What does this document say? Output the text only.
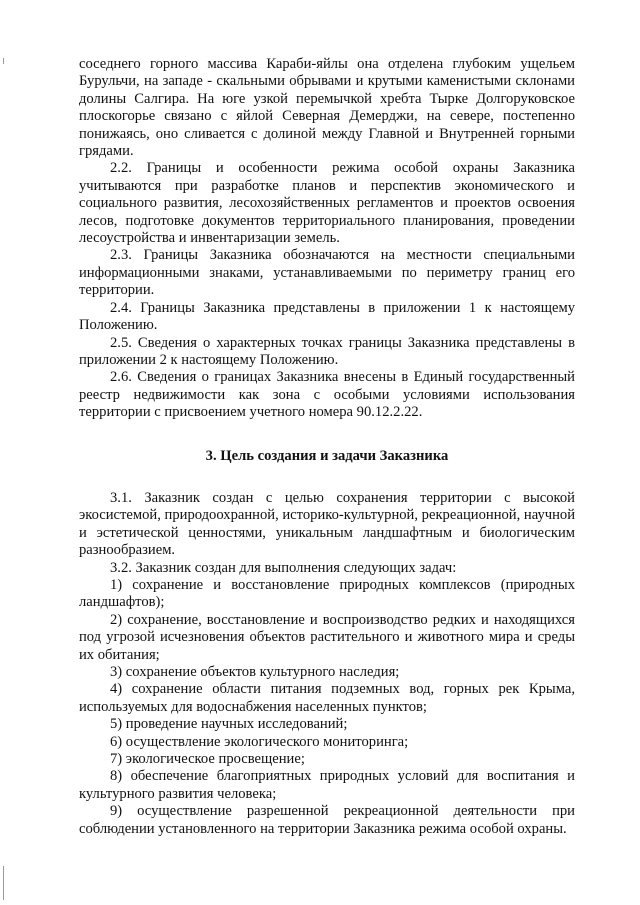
соседнего горного массива Караби-яйлы она отделена глубоким ущельем Бурульчи, на западе - скальными обрывами и крутыми каменистыми склонами долины Салгира. На юге узкой перемычкой хребта Тырке Долгоруковское плоскогорье связано с яйлой Северная Демерджи, на севере, постепенно понижаясь, оно сливается с долиной между Главной и Внутренней горными грядами.

2.2. Границы и особенности режима особой охраны Заказника учитываются при разработке планов и перспектив экономического и социального развития, лесохозяйственных регламентов и проектов освоения лесов, подготовке документов территориального планирования, проведении лесоустройства и инвентаризации земель.

2.3. Границы Заказника обозначаются на местности специальными информационными знаками, устанавливаемыми по периметру границ его территории.

2.4. Границы Заказника представлены в приложении 1 к настоящему Положению.

2.5. Сведения о характерных точках границы Заказника представлены в приложении 2 к настоящему Положению.

2.6. Сведения о границах Заказника внесены в Единый государственный реестр недвижимости как зона с особыми условиями использования территории с присвоением учетного номера 90.12.2.22.

3. Цель создания и задачи Заказника

3.1. Заказник создан с целью сохранения территории с высокой экосистемой, природоохранной, историко-культурной, рекреационной, научной и эстетической ценностями, уникальным ландшафтным и биологическим разнообразием.

3.2. Заказник создан для выполнения следующих задач:

1) сохранение и восстановление природных комплексов (природных ландшафтов);

2) сохранение, восстановление и воспроизводство редких и находящихся под угрозой исчезновения объектов растительного и животного мира и среды их обитания;

3) сохранение объектов культурного наследия;

4) сохранение области питания подземных вод, горных рек Крыма, используемых для водоснабжения населенных пунктов;

5) проведение научных исследований;

6) осуществление экологического мониторинга;

7) экологическое просвещение;

8) обеспечение благоприятных природных условий для воспитания и культурного развития человека;

9) осуществление разрешенной рекреационной деятельности при соблюдении установленного на территории Заказника режима особой охраны.
